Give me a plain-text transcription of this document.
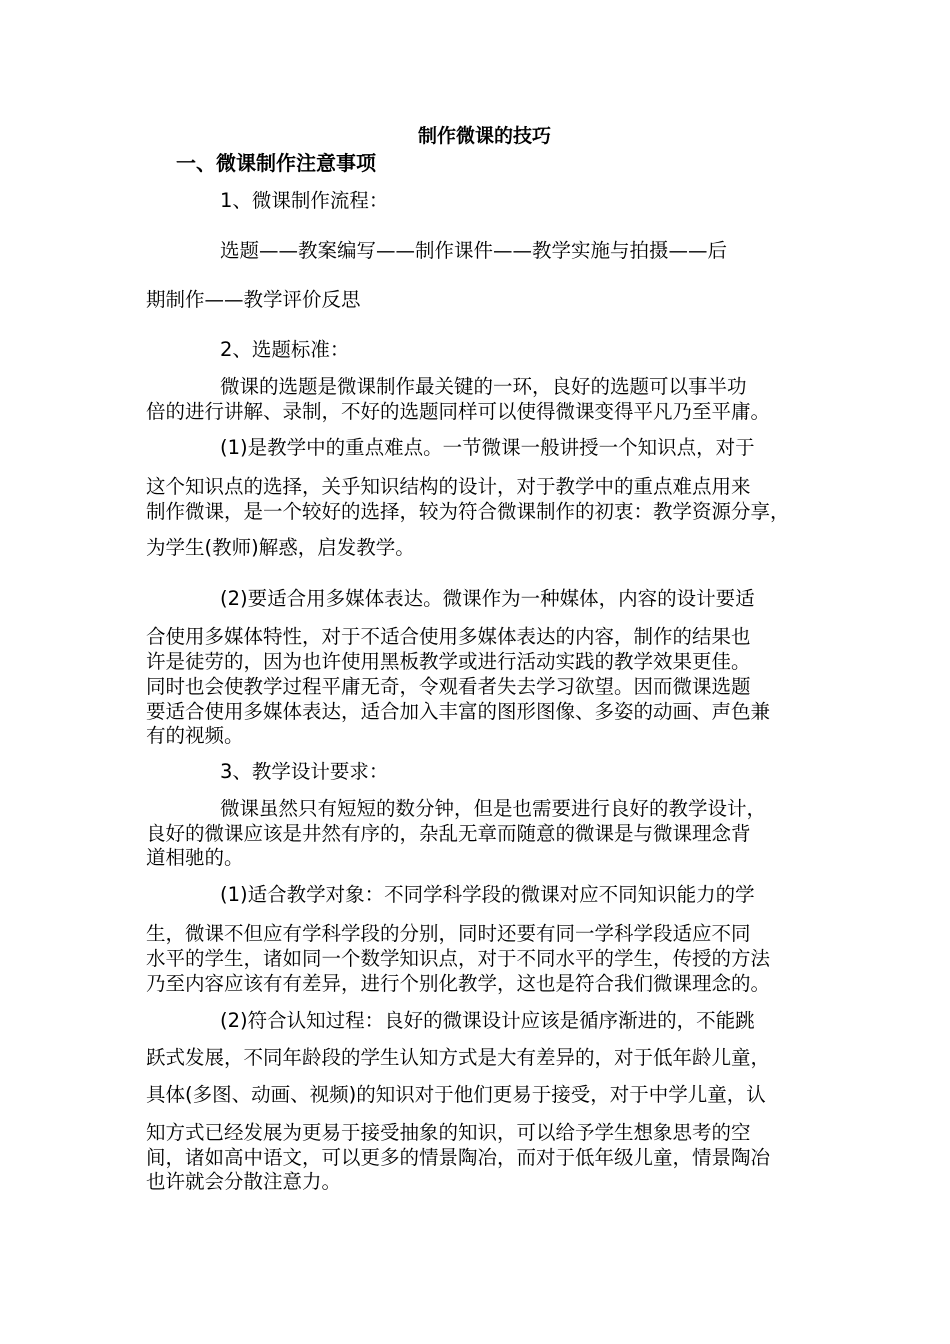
制作微课的技巧
一、微课制作注意事项
1、微课制作流程：
选题——教案编写——制作课件——教学实施与拍摄——后
期制作——教学评价反思
2、选题标准：
微课的选题是微课制作最关键的一环，良好的选题可以事半功
倍的进行讲解、录制，不好的选题同样可以使得微课变得平凡乃至平庸。
(1)是教学中的重点难点。一节微课一般讲授一个知识点，对于
这个知识点的选择，关乎知识结构的设计，对于教学中的重点难点用来
制作微课，是一个较好的选择，较为符合微课制作的初衷：教学资源分享，
为学生(教师)解惑，启发教学。
(2)要适合用多媒体表达。微课作为一种媒体，内容的设计要适
合使用多媒体特性，对于不适合使用多媒体表达的内容，制作的结果也
许是徒劳的，因为也许使用黑板教学或进行活动实践的教学效果更佳。
同时也会使教学过程平庸无奇，令观看者失去学习欲望。因而微课选题
要适合使用多媒体表达，适合加入丰富的图形图像、多姿的动画、声色兼
有的视频。
3、教学设计要求：
微课虽然只有短短的数分钟，但是也需要进行良好的教学设计，
良好的微课应该是井然有序的，杂乱无章而随意的微课是与微课理念背
道相驰的。
(1)适合教学对象：不同学科学段的微课对应不同知识能力的学
生，微课不但应有学科学段的分别，同时还要有同一学科学段适应不同
水平的学生，诸如同一个数学知识点，对于不同水平的学生，传授的方法
乃至内容应该有有差异，进行个别化教学，这也是符合我们微课理念的。
(2)符合认知过程：良好的微课设计应该是循序渐进的，不能跳
跃式发展，不同年龄段的学生认知方式是大有差异的，对于低年龄儿童，
具体(多图、动画、视频)的知识对于他们更易于接受，对于中学儿童，认
知方式已经发展为更易于接受抽象的知识，可以给予学生想象思考的空
间，诸如高中语文，可以更多的情景陶冶，而对于低年级儿童，情景陶冶
也许就会分散注意力。
